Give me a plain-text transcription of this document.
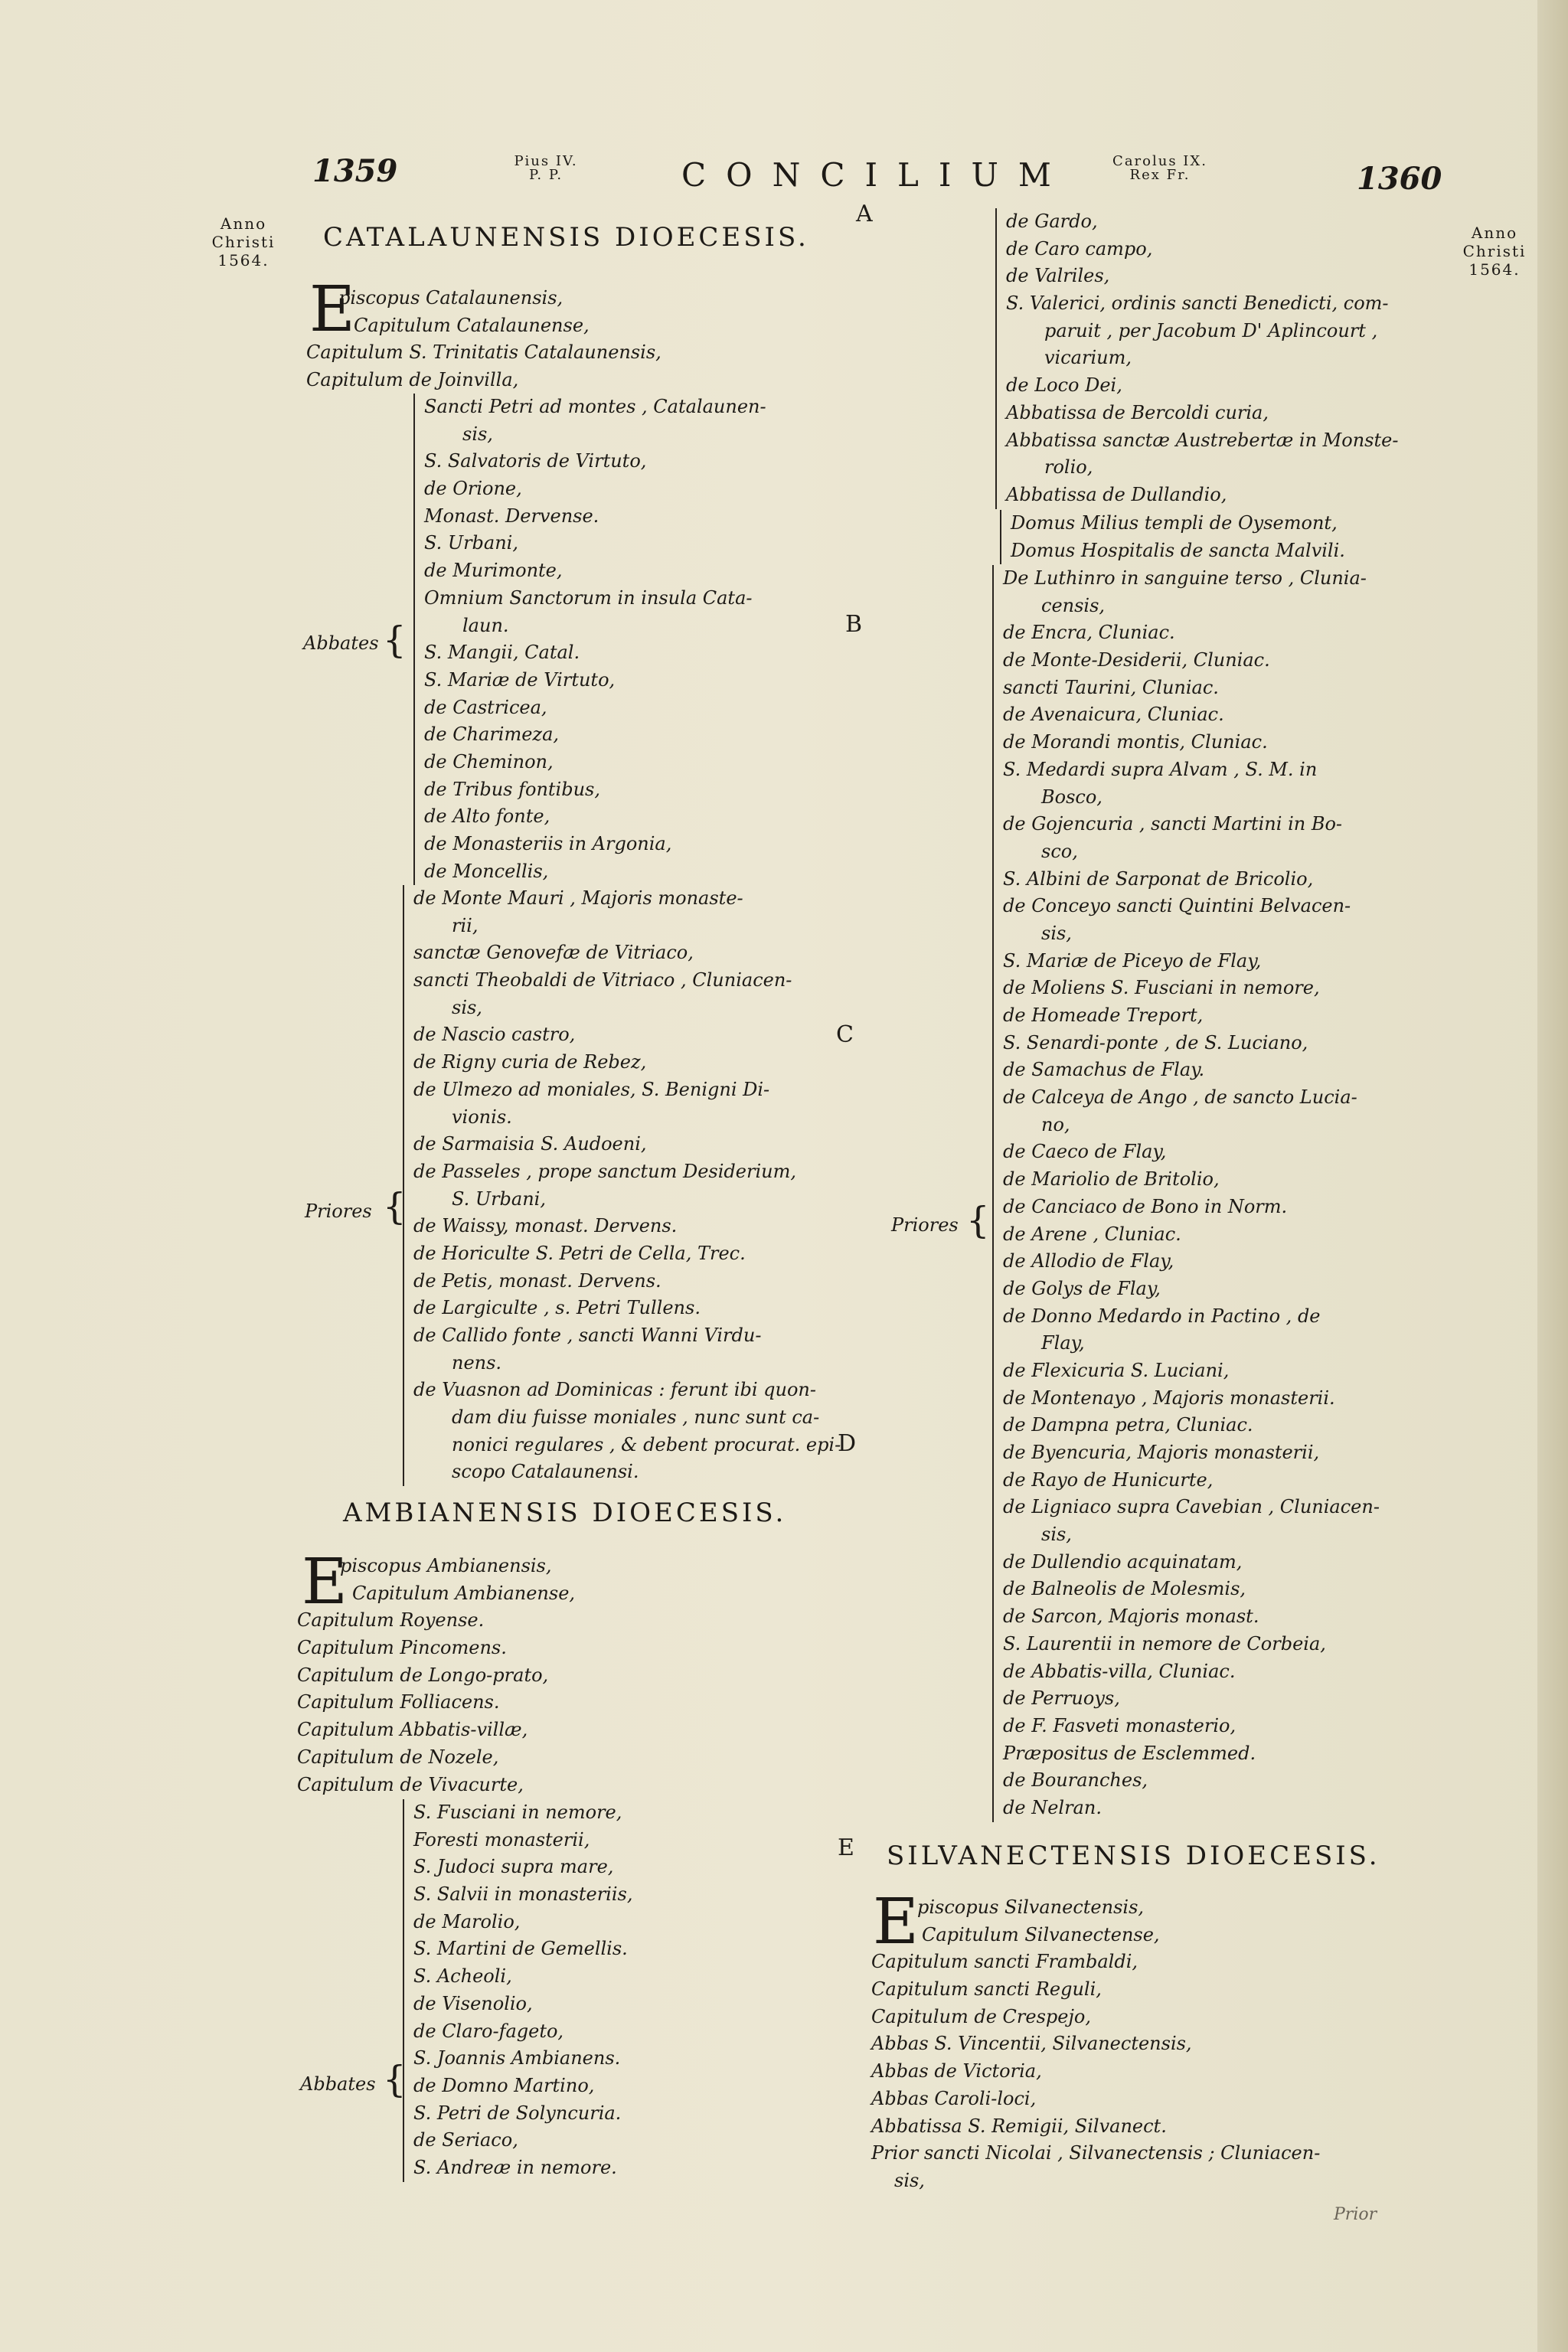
1359	Pius IV.
P. P.	CONCILIUM	Carolus IX.
Rex Fr.	1360
Anno
Christi
1564.
Anno
Christi
1564.
A
B
C
D
E
CATALAUNENSIS DIOECESIS.
E
piscopus Catalaunensis,
Capitulum Catalaunense,
Capitulum S. Trinitatis Catalaunensis,
Capitulum de Joinvilla,
Abbates {
Sancti Petri ad montes , Catalaunen-
sis,
S. Salvatoris de Virtuto,
de Orione,
Monast. Dervense.
S. Urbani,
de Murimonte,
Omnium Sanctorum in insula Cata-
laun.
S. Mangii, Catal.
S. Mariæ de Virtuto,
de Castricea,
de Charimeza,
de Cheminon,
de Tribus fontibus,
de Alto fonte,
de Monasteriis in Argonia,
de Moncellis,
Priores {
de Monte Mauri , Majoris monaste-
rii,
sanctæ Genovefæ de Vitriaco,
sancti Theobaldi de Vitriaco , Cluniacen-
sis,
de Nascio castro,
de Rigny curia de Rebez,
de Ulmezo ad moniales, S. Benigni Di-
vionis.
de Sarmaisia S. Audoeni,
de Passeles , prope sanctum Desiderium,
S. Urbani,
de Waissy, monast. Dervens.
de Horiculte S. Petri de Cella, Trec.
de Petis, monast. Dervens.
de Largiculte , s. Petri Tullens.
de Callido fonte , sancti Wanni Virdu-
nens.
de Vuasnon ad Dominicas : ferunt ibi quon-
dam diu fuisse moniales , nunc sunt ca-
nonici regulares , & debent procurat. epi-
scopo Catalaunensi.
AMBIANENSIS DIOECESIS.
E
piscopus Ambianensis,
Capitulum Ambianense,
Capitulum Royense.
Capitulum Pincomens.
Capitulum de Longo-prato,
Capitulum Folliacens.
Capitulum Abbatis-villæ,
Capitulum de Nozele,
Capitulum de Vivacurte,
Abbates {
S. Fusciani in nemore,
Foresti monasterii,
S. Judoci supra mare,
S. Salvii in monasteriis,
de Marolio,
S. Martini de Gemellis.
S. Acheoli,
de Visenolio,
de Claro-fageto,
S. Joannis Ambianens.
de Domno Martino,
S. Petri de Solyncuria.
de Seriaco,
S. Andreæ in nemore.
de Gardo,
de Caro campo,
de Valriles,
S. Valerici, ordinis sancti Benedicti, com-
paruit , per Jacobum D' Aplincourt ,
vicarium,
de Loco Dei,
Abbatissa de Bercoldi curia,
Abbatissa sanctæ Austrebertæ in Monste-
rolio,
Abbatissa de Dullandio,
Domus Milius templi de Oysemont,
Domus Hospitalis de sancta Malvili.
Priores {
De Luthinro in sanguine terso , Clunia-
censis,
de Encra, Cluniac.
de Monte-Desiderii, Cluniac.
sancti Taurini, Cluniac.
de Avenaicura, Cluniac.
de Morandi montis, Cluniac.
S. Medardi supra Alvam , S. M. in
Bosco,
de Gojencuria , sancti Martini in Bo-
sco,
S. Albini de Sarponat de Bricolio,
de Conceyo sancti Quintini Belvacen-
sis,
S. Mariæ de Piceyo de Flay,
de Moliens S. Fusciani in nemore,
de Homeade Treport,
S. Senardi-ponte , de S. Luciano,
de Samachus de Flay.
de Calceya de Ango , de sancto Lucia-
no,
de Caeco de Flay,
de Mariolio de Britolio,
de Canciaco de Bono in Norm.
de Arene , Cluniac.
de Allodio de Flay,
de Golys de Flay,
de Donno Medardo in Pactino , de
Flay,
de Flexicuria S. Luciani,
de Montenayo , Majoris monasterii.
de Dampna petra, Cluniac.
de Byencuria, Majoris monasterii,
de Rayo de Hunicurte,
de Ligniaco supra Cavebian , Cluniacen-
sis,
de Dullendio acquinatam,
de Balneolis de Molesmis,
de Sarcon, Majoris monast.
S. Laurentii in nemore de Corbeia,
de Abbatis-villa, Cluniac.
de Perruoys,
de F. Fasveti monasterio,
Præpositus de Esclemmed.
de Bouranches,
de Nelran.
SILVANECTENSIS DIOECESIS.
E
piscopus Silvanectensis,
Capitulum Silvanectense,
Capitulum sancti Frambaldi,
Capitulum sancti Reguli,
Capitulum de Crespejo,
Abbas S. Vincentii, Silvanectensis,
Abbas de Victoria,
Abbas Caroli-loci,
Abbatissa S. Remigii, Silvanect.
Prior sancti Nicolai , Silvanectensis ; Cluniacen-
sis,
Prior
